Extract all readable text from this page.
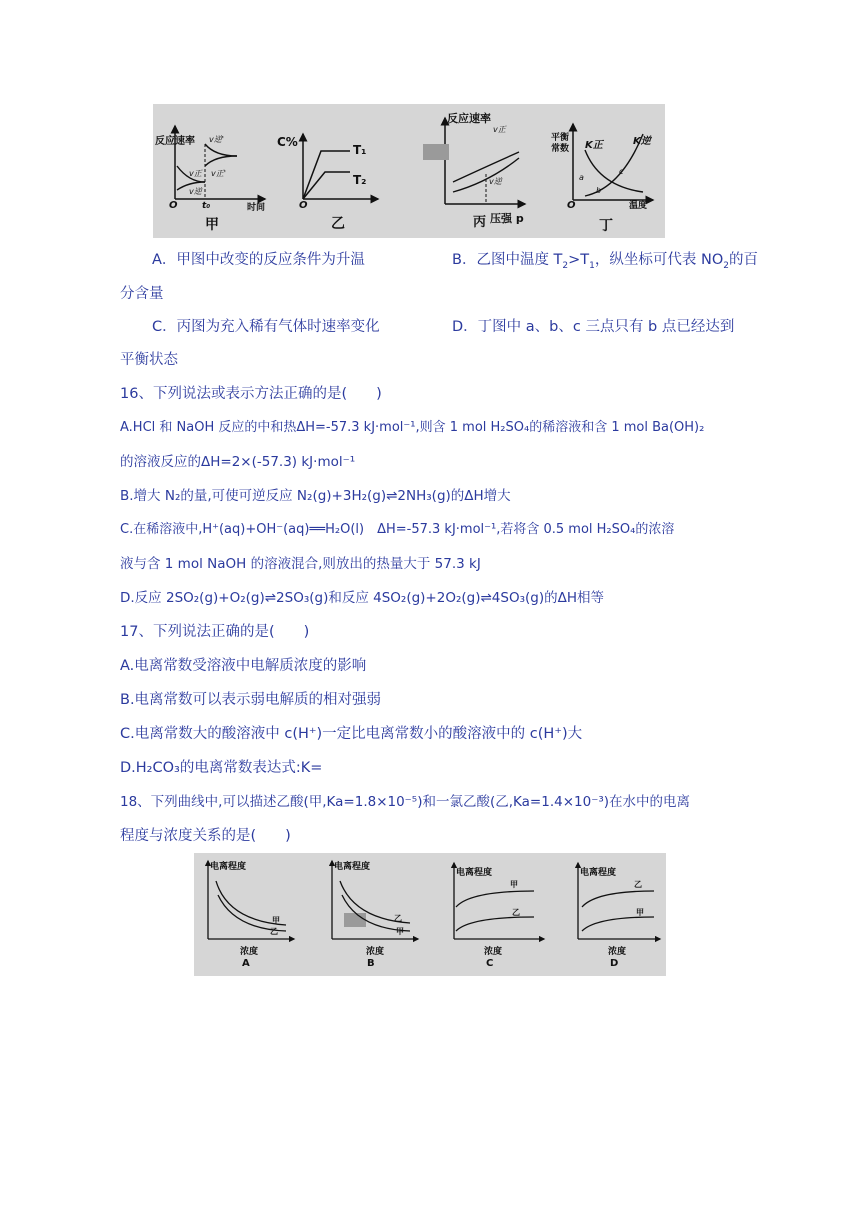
反应速率
时间
O	t₀
v正
v逆
v逆'
v正'
甲
C%
O
T₁
T₂
乙
反应速率
v正
v逆
丙 压强 p
平衡
常数
O	温度
K正	K逆
a
b
c
丁
A．甲图中改变的反应条件为升温	B．乙图中温度 $T_2>T_1$，纵坐标可代表 $NO_2$的百
分含量
C．丙图为充入稀有气体时速率变化	D．丁图中 a、b、c 三点只有 b 点已经达到
平衡状态
16、下列说法或表示方法正确的是(　　)
A.HCl 和 NaOH 反应的中和热ΔH=-57.3 kJ·mol⁻¹,则含 1 mol H₂SO₄的稀溶液和含 1 mol Ba(OH)₂
的溶液反应的ΔH=2×(-57.3) kJ·mol⁻¹
B.增大 N₂的量,可使可逆反应 N₂(g)+3H₂(g)⇌2NH₃(g)的ΔH增大
C.在稀溶液中,H⁺(aq)+OH⁻(aq)══H₂O(l)　ΔH=-57.3 kJ·mol⁻¹,若将含 0.5 mol H₂SO₄的浓溶
液与含 1 mol NaOH 的溶液混合,则放出的热量大于 57.3 kJ
D.反应 2SO₂(g)+O₂(g)⇌2SO₃(g)和反应 4SO₂(g)+2O₂(g)⇌4SO₃(g)的ΔH相等
17、下列说法正确的是(　　)
A.电离常数受溶液中电解质浓度的影响
B.电离常数可以表示弱电解质的相对强弱
C.电离常数大的酸溶液中 c(H⁺)一定比电离常数小的酸溶液中的 c(H⁺)大
D.H₂CO₃的电离常数表达式:K=
18、下列曲线中,可以描述乙酸(甲,Ka=1.8×10⁻⁵)和一氯乙酸(乙,Ka=1.4×10⁻³)在水中的电离
程度与浓度关系的是(　　)
电离程度
甲
乙
浓度
A
电离程度
乙
甲
浓度
B
电离程度
甲
乙
浓度
C
电离程度
乙
甲
浓度
D
